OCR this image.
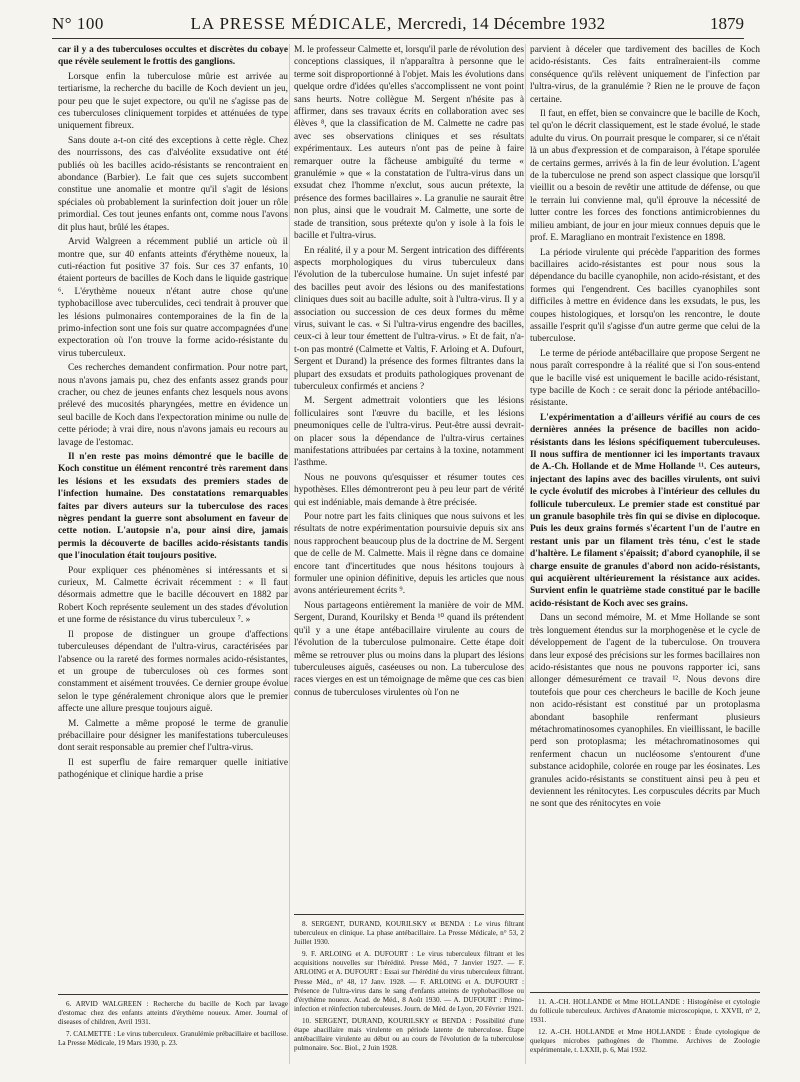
N° 100	LA PRESSE MÉDICALE, Mercredi, 14 Décembre 1932	1879

car il y a des tuberculoses occultes et discrètes du cobaye que révèle seulement le frottis des ganglions.

Lorsque enfin la tuberculose mûrie est arrivée au tertiarisme, la recherche du bacille de Koch devient un jeu, pour peu que le sujet expectore, ou qu'il ne s'agisse pas de ces tuberculoses cliniquement torpides et atténuées de type uniquement fibreux.

Sans doute a-t-on cité des exceptions à cette règle. Chez des nourrissons, des cas d'alvéolite exsudative ont été publiés où les bacilles acido-résistants se rencontraient en abondance (Barbier). Le fait que ces sujets succombent constitue une anomalie et montre qu'il s'agit de lésions spéciales où probablement la surinfection doit jouer un rôle primordial. Ces tout jeunes enfants ont, comme nous l'avons dit plus haut, brûlé les étapes.

Arvid Walgreen a récemment publié un article où il montre que, sur 40 enfants atteints d'érythème noueux, la cuti-réaction fut positive 37 fois. Sur ces 37 enfants, 10 étaient porteurs de bacilles de Koch dans le liquide gastrique ⁶. L'érythème noueux n'étant autre chose qu'une typhobacillose avec tuberculides, ceci tendrait à prouver que les lésions pulmonaires contemporaines de la fin de la primo-infection sont une fois sur quatre accompagnées d'une expectoration où l'on trouve la forme acido-résistante du virus tuberculeux.

Ces recherches demandent confirmation. Pour notre part, nous n'avons jamais pu, chez des enfants assez grands pour cracher, ou chez de jeunes enfants chez lesquels nous avons prélevé des mucosités pharyngées, mettre en évidence un seul bacille de Koch dans l'expectoration minime ou nulle de cette période; à vrai dire, nous n'avons jamais eu recours au lavage de l'estomac.

Il n'en reste pas moins démontré que le bacille de Koch constitue un élément rencontré très rarement dans les lésions et les exsudats des premiers stades de l'infection humaine. Des constatations remarquables faites par divers auteurs sur la tuberculose des races nègres pendant la guerre sont absolument en faveur de cette notion. L'autopsie n'a, pour ainsi dire, jamais permis la découverte de bacilles acido-résistants tandis que l'inoculation était toujours positive.

Pour expliquer ces phénomènes si intéressants et si curieux, M. Calmette écrivait récemment : « Il faut désormais admettre que le bacille découvert en 1882 par Robert Koch représente seulement un des stades d'évolution et une forme de résistance du virus tuberculeux ⁷. »

Il propose de distinguer un groupe d'affections tuberculeuses dépendant de l'ultra-virus, caractérisées par l'absence ou la rareté des formes normales acido-résistantes, et un groupe de tuberculoses où ces formes sont constamment et aisément trouvées. Ce dernier groupe évolue selon le type généralement chronique alors que le premier affecte une allure presque toujours aiguë.

M. Calmette a même proposé le terme de granulie prébacillaire pour désigner les manifestations tuberculeuses dont serait responsable au premier chef l'ultra-virus.

Il est superflu de faire remarquer quelle initiative pathogénique et clinique hardie a prise

M. le professeur Calmette et, lorsqu'il parle de révolution des conceptions classiques, il n'apparaîtra à personne que le terme soit disproportionné à l'objet. Mais les évolutions dans quelque ordre d'idées qu'elles s'accomplissent ne vont point sans heurts. Notre collègue M. Sergent n'hésite pas à affirmer, dans ses travaux écrits en collaboration avec ses élèves ⁸, que la classification de M. Calmette ne cadre pas avec ses observations cliniques et ses résultats expérimentaux. Les auteurs n'ont pas de peine à faire remarquer outre la fâcheuse ambiguïté du terme « granulémie » que « la constatation de l'ultra-virus dans un exsudat chez l'homme n'exclut, sous aucun prétexte, la présence des formes bacillaires ». La granulie ne saurait être non plus, ainsi que le voudrait M. Calmette, une sorte de stade de transition, sous prétexte qu'on y isole à la fois le bacille et l'ultra-virus.

En réalité, il y a pour M. Sergent intrication des différents aspects morphologiques du virus tuberculeux dans l'évolution de la tuberculose humaine. Un sujet infesté par des bacilles peut avoir des lésions ou des manifestations cliniques dues soit au bacille adulte, soit à l'ultra-virus. Il y a association ou succession de ces deux formes du même virus, suivant le cas. « Si l'ultra-virus engendre des bacilles, ceux-ci à leur tour émettent de l'ultra-virus. » Et de fait, n'a-t-on pas montré (Calmette et Valtis, F. Arloing et A. Dufourt, Sergent et Durand) la présence des formes filtrantes dans la plupart des exsudats et produits pathologiques provenant de tuberculeux confirmés et anciens ?

M. Sergent admettrait volontiers que les lésions folliculaires sont l'œuvre du bacille, et les lésions pneumoniques celle de l'ultra-virus. Peut-être aussi devrait-on placer sous la dépendance de l'ultra-virus certaines manifestations attribuées par certains à la toxine, notamment l'asthme.

Nous ne pouvons qu'esquisser et résumer toutes ces hypothèses. Elles démontreront peu à peu leur part de vérité qui est indéniable, mais demande à être précisée.

Pour notre part les faits cliniques que nous suivons et les résultats de notre expérimentation poursuivie depuis six ans nous rapprochent beaucoup plus de la doctrine de M. Sergent que de celle de M. Calmette. Mais il règne dans ce domaine encore tant d'incertitudes que nous hésitons toujours à formuler une opinion définitive, depuis les articles que nous avons antérieurement écrits ⁹.

Nous partageons entièrement la manière de voir de MM. Sergent, Durand, Kourilsky et Benda ¹⁰ quand ils prétendent qu'il y a une étape antébacillaire virulente au cours de l'évolution de la tuberculose pulmonaire. Cette étape doit même se retrouver plus ou moins dans la plupart des lésions tuberculeuses aiguës, caséeuses ou non. La tuberculose des races vierges en est un témoignage de même que ces cas bien connus de tuberculoses virulentes où l'on ne

parvient à déceler que tardivement des bacilles de Koch acido-résistants. Ces faits entraîneraient-ils comme conséquence qu'ils relèvent uniquement de l'infection par l'ultra-virus, de la granulémie ? Rien ne le prouve de façon certaine.

Il faut, en effet, bien se convaincre que le bacille de Koch, tel qu'on le décrit classiquement, est le stade évolué, le stade adulte du virus. On pourrait presque le comparer, si ce n'était là un abus d'expression et de comparaison, à l'étape sporulée de certains germes, arrivés à la fin de leur évolution. L'agent de la tuberculose ne prend son aspect classique que lorsqu'il vieillit ou a besoin de revêtir une attitude de défense, ou que le terrain lui convienne mal, qu'il éprouve la nécessité de lutter contre les forces des fonctions antimicrobiennes du milieu ambiant, de jour en jour mieux connues depuis que le prof. E. Maragliano en montrait l'existence en 1898.

La période virulente qui précède l'apparition des formes bacillaires acido-résistantes est pour nous sous la dépendance du bacille cyanophile, non acido-résistant, et des formes qui l'engendrent. Ces bacilles cyanophiles sont difficiles à mettre en évidence dans les exsudats, le pus, les coupes histologiques, et lorsqu'on les rencontre, le doute assaille l'esprit qu'il s'agisse d'un autre germe que celui de la tuberculose.

Le terme de période antébacillaire que propose Sergent ne nous paraît correspondre à la réalité que si l'on sous-entend que le bacille visé est uniquement le bacille acido-résistant, type bacille de Koch : ce serait donc la période antébacillo-résistante.

L'expérimentation a d'ailleurs vérifié au cours de ces dernières années la présence de bacilles non acido-résistants dans les lésions spécifiquement tuberculeuses. Il nous suffira de mentionner ici les importants travaux de A.-Ch. Hollande et de Mme Hollande ¹¹. Ces auteurs, injectant des lapins avec des bacilles virulents, ont suivi le cycle évolutif des microbes à l'intérieur des cellules du follicule tuberculeux. Le premier stade est constitué par un granule basophile très fin qui se divise en diplocoque. Puis les deux grains formés s'écartent l'un de l'autre en restant unis par un filament très ténu, c'est le stade d'haltère. Le filament s'épaissit; d'abord cyanophile, il se charge ensuite de granules d'abord non acido-résistants, qui acquièrent ultérieurement la résistance aux acides. Survient enfin le quatrième stade constitué par le bacille acido-résistant de Koch avec ses grains.

Dans un second mémoire, M. et Mme Hollande se sont très longuement étendus sur la morphogenèse et le cycle de développement de l'agent de la tuberculose. On trouvera dans leur exposé des précisions sur les formes bacillaires non acido-résistantes que nous ne pouvons rapporter ici, sans allonger démesurément ce travail ¹². Nous devons dire toutefois que pour ces chercheurs le bacille de Koch jeune non acido-résistant est constitué par un protoplasma abondant basophile renfermant plusieurs métachromatinosomes cyanophiles. En vieillissant, le bacille perd son protoplasma; les métachromatinosomes qui renferment chacun un nucléosome s'entourent d'une substance acidophile, colorée en rouge par les éosinates. Les granules acido-résistants se constituent ainsi peu à peu et deviennent les rénitocytes. Les corpuscules décrits par Much ne sont que des rénitocytes en voie

6. ARVID WALGREEN : Recherche du bacille de Koch par lavage d'estomac chez des enfants atteints d'érythème noueux. Amer. Journal of diseases of children, Avril 1931.

7. CALMETTE : Le virus tuberculeux. Granulémie prébacillaire et bacillose. La Presse Médicale, 19 Mars 1930, p. 23.

8. SERGENT, DURAND, KOURILSKY et BENDA : Le virus filtrant tuberculeux en clinique. La phase antébacillaire. La Presse Médicale, n° 53, 2 Juillet 1930.

9. F. ARLOING et A. DUFOURT : Le virus tuberculeux filtrant et les acquisitions nouvelles sur l'hérédité. Presse Méd., 7 Janvier 1927. — F. ARLOING et A. DUFOURT : Essai sur l'hérédité du virus tuberculeux filtrant. Presse Méd., n° 48, 17 Janv. 1928. — F. ARLOING et A. DUFOURT : Présence de l'ultra-virus dans le sang d'enfants atteints de typhobacillose ou d'érythème noueux. Acad. de Méd., 8 Août 1930. — A. DUFOURT : Primo-infection et réinfection tuberculeuses. Journ. de Méd. de Lyon, 20 Février 1921.

10. SERGENT, DURAND, KOURILSKY et BENDA : Possibilité d'une étape abacillaire mais virulente en période latente de tuberculose. Étape antébacillaire virulente au début ou au cours de l'évolution de la tuberculose pulmonaire. Soc. Biol., 2 Juin 1928.

11. A.-CH. HOLLANDE et Mme HOLLANDE : Histogénèse et cytologie du follicule tuberculeux. Archives d'Anatomie microscopique, t. XXVII, n° 2, 1931.

12. A.-CH. HOLLANDE et Mme HOLLANDE : Étude cytologique de quelques microbes pathogènes de l'homme. Archives de Zoologie expérimentale, t. LXXII, p. 6, Mai 1932.
